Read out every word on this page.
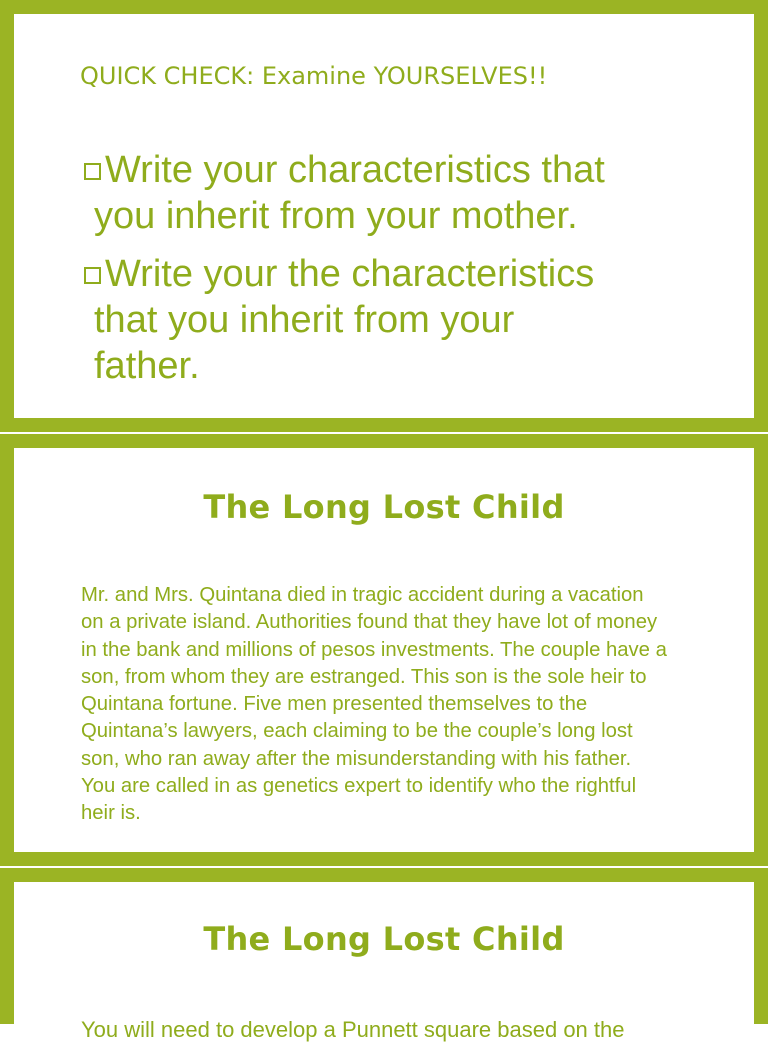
QUICK CHECK: Examine YOURSELVES!!
Write your characteristics that
you inherit from your mother.
Write your the characteristics
that you inherit from your
father.
The Long Lost Child
Mr. and Mrs. Quintana died in tragic accident during a vacation
on a private island. Authorities found that they have lot of money
in the bank and millions of pesos investments. The couple have a
son, from whom they are estranged. This son is the sole heir to
Quintana fortune. Five men presented themselves to the
Quintana’s lawyers, each claiming to be the couple’s long lost
son, who ran away after the misunderstanding with his father.
You are called in as genetics expert to identify who the rightful
heir is.
The Long Lost Child
You will need to develop a Punnett square based on the
